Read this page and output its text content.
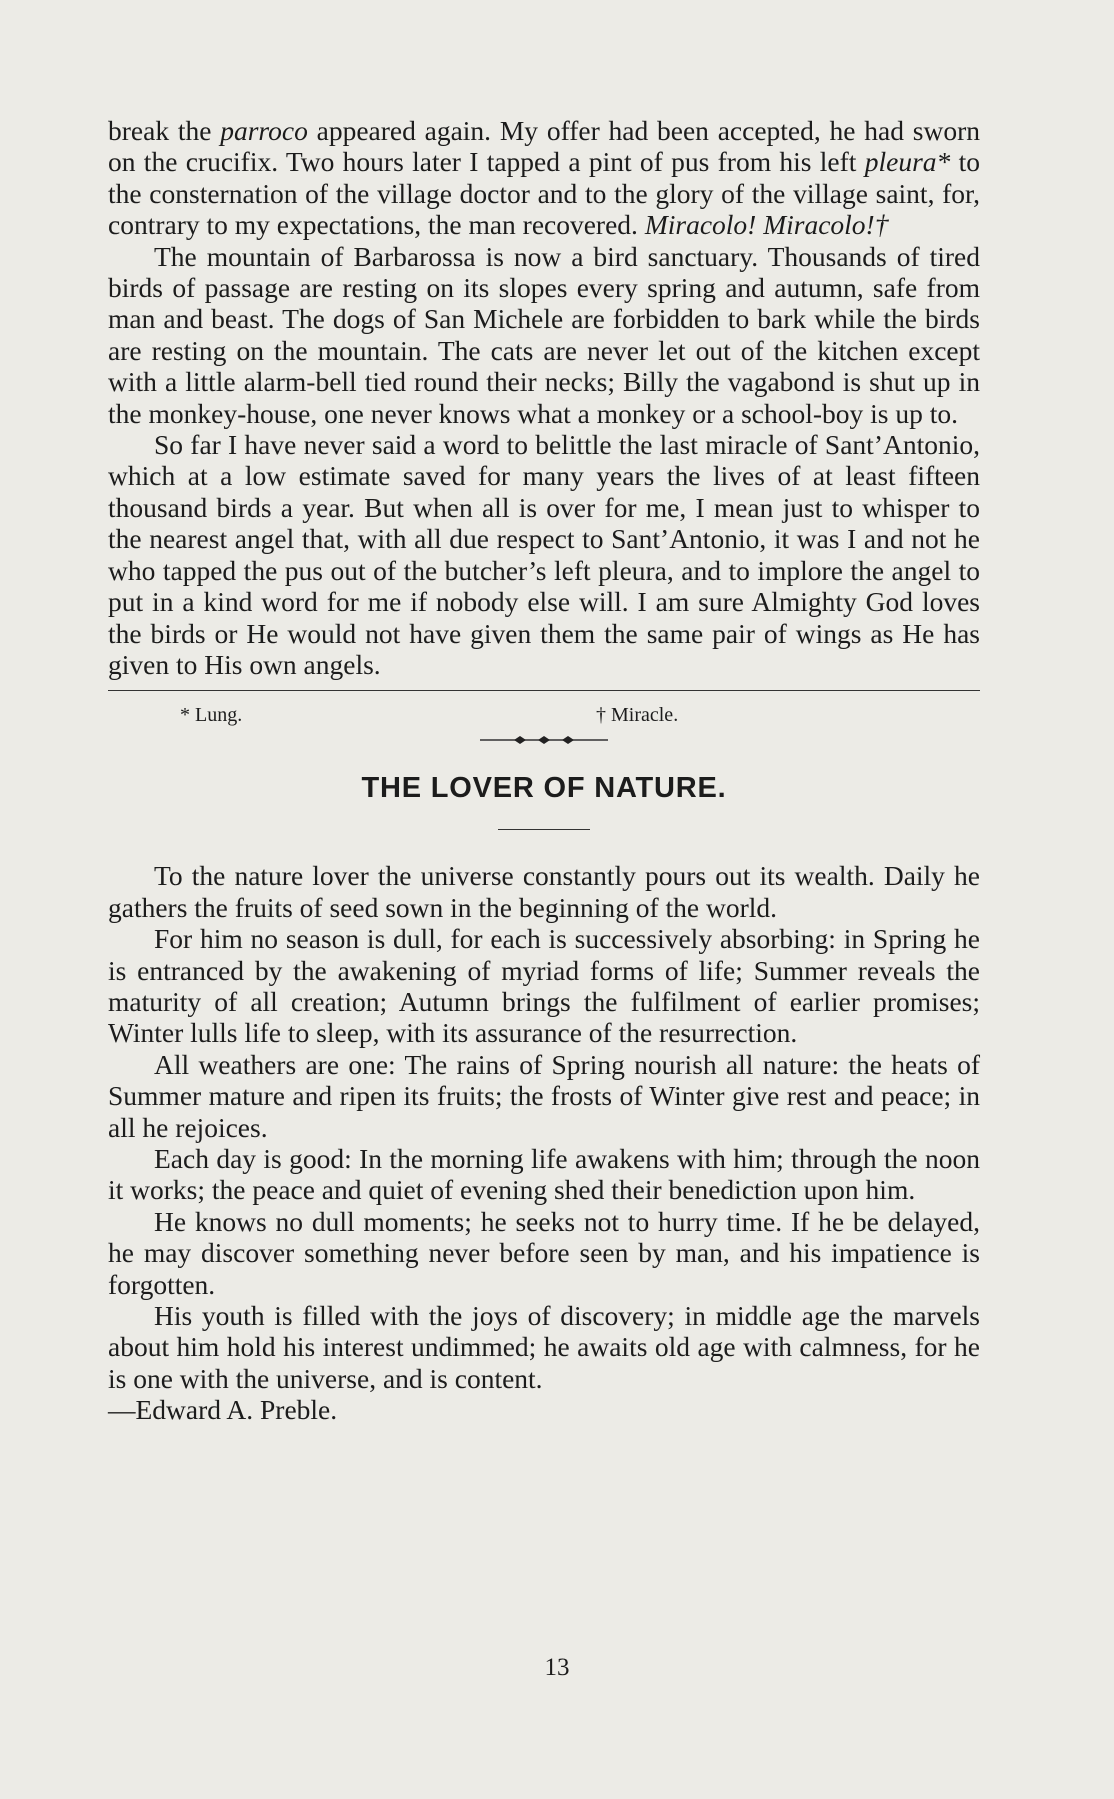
break the parroco appeared again. My offer had been accepted, he had sworn on the crucifix. Two hours later I tapped a pint of pus from his left pleura* to the consternation of the village doctor and to the glory of the village saint, for, contrary to my expectations, the man recovered. Miracolo! Miracolo!†

The mountain of Barbarossa is now a bird sanctuary. Thousands of tired birds of passage are resting on its slopes every spring and autumn, safe from man and beast. The dogs of San Michele are forbidden to bark while the birds are resting on the mountain. The cats are never let out of the kitchen except with a little alarm-bell tied round their necks; Billy the vagabond is shut up in the monkey-house, one never knows what a monkey or a school-boy is up to.

So far I have never said a word to belittle the last miracle of Sant’Antonio, which at a low estimate saved for many years the lives of at least fifteen thousand birds a year. But when all is over for me, I mean just to whisper to the nearest angel that, with all due respect to Sant’Antonio, it was I and not he who tapped the pus out of the butcher’s left pleura, and to implore the angel to put in a kind word for me if nobody else will. I am sure Almighty God loves the birds or He would not have given them the same pair of wings as He has given to His own angels.

* Lung.	† Miracle.
THE LOVER OF NATURE.

To the nature lover the universe constantly pours out its wealth. Daily he gathers the fruits of seed sown in the beginning of the world.

For him no season is dull, for each is successively absorbing: in Spring he is entranced by the awakening of myriad forms of life; Summer reveals the maturity of all creation; Autumn brings the fulfilment of earlier promises; Winter lulls life to sleep, with its assurance of the resurrection.

All weathers are one: The rains of Spring nourish all nature: the heats of Summer mature and ripen its fruits; the frosts of Winter give rest and peace; in all he rejoices.

Each day is good: In the morning life awakens with him; through the noon it works; the peace and quiet of evening shed their benediction upon him.

He knows no dull moments; he seeks not to hurry time. If he be delayed, he may discover something never before seen by man, and his impatience is forgotten.

His youth is filled with the joys of discovery; in middle age the marvels about him hold his interest undimmed; he awaits old age with calmness, for he is one with the universe, and is content.

—Edward A. Preble.

13
